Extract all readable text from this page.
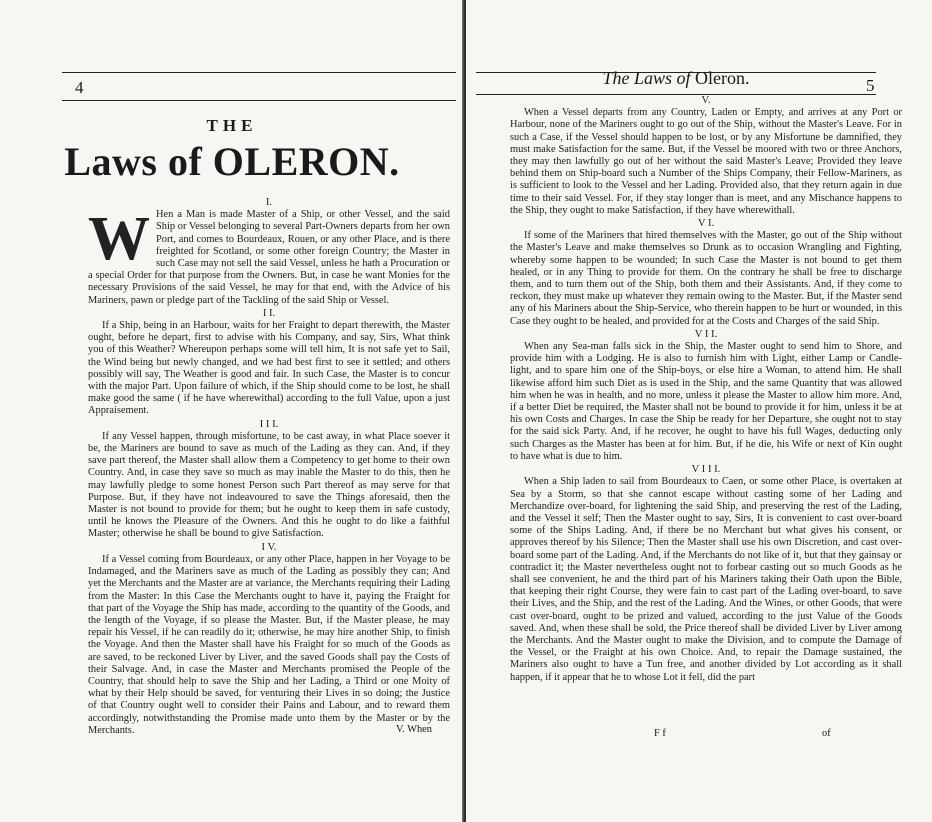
4
THE
Laws of OLERON.
I.
W Hen a Man is made Master of a Ship, or other Vessel, and the said Ship or Vessel belonging to several Part-Owners departs from her own Port, and comes to Bourdeaux, Rouen, or any other Place, and is there freighted for Scotland, or some other foreign Country; the Master in such Case may not sell the said Vessel, unless he hath a Procuration or a special Order for that purpose from the Owners. But, in case he want Monies for the necessary Provisions of the said Vessel, he may for that end, with the Advice of his Mariners, pawn or pledge part of the Tackling of the said Ship or Vessel.

I I.

If a Ship, being in an Harbour, waits for her Fraight to depart therewith, the Master ought, before he depart, first to advise with his Company, and say, Sirs, What think you of this Weather? Whereupon perhaps some will tell him, It is not safe yet to Sail, the Wind being but newly changed, and we had best first to see it settled; and others possibly will say, The Weather is good and fair. In such Case, the Master is to concur with the major Part. Upon failure of which, if the Ship should come to be lost, he shall make good the same ( if he have wherewithal) according to the full Value, upon a just Appraisement.

I I I.

If any Vessel happen, through misfortune, to be cast away, in what Place soever it be, the Mariners are bound to save as much of the Lading as they can. And, if they save part thereof, the Master shall allow them a Competency to get home to their own Country. And, in case they save so much as may inable the Master to do this, then he may lawfully pledge to some honest Person such Part thereof as may serve for that Purpose. But, if they have not indeavoured to save the Things aforesaid, then the Master is not bound to provide for them; but he ought to keep them in safe custody, until he knows the Pleasure of the Owners. And this he ought to do like a faithful Master; otherwise he shall be bound to give Satisfaction.

I V.

If a Vessel coming from Bourdeaux, or any other Place, happen in her Voyage to be Indamaged, and the Mariners save as much of the Lading as possibly they can; And yet the Merchants and the Master are at variance, the Merchants requiring their Lading from the Master: In this Case the Merchants ought to have it, paying the Fraight for that part of the Voyage the Ship has made, according to the quantity of the Goods, and the length of the Voyage, if so please the Master. But, if the Master please, he may repair his Vessel, if he can readily do it; otherwise, he may hire another Ship, to finish the Voyage. And then the Master shall have his Fraight for so much of the Goods as are saved, to be reckoned Liver by Liver, and the saved Goods shall pay the Costs of their Salvage. And, in case the Master and Merchants promised the People of the Country, that should help to save the Ship and her Lading, a Third or one Moity of what by their Help should be saved, for venturing their Lives in so doing; the Justice of that Country ought well to consider their Pains and Labour, and to reward them accordingly, notwithstanding the Promise made unto them by the Master or by the Merchants.	V. When
The Laws of Oleron.	5
V.

When a Vessel departs from any Country, Laden or Empty, and arrives at any Port or Harbour, none of the Mariners ought to go out of the Ship, without the Master's Leave. For in such a Case, if the Vessel should happen to be lost, or by any Misfortune be damnified, they must make Satisfaction for the same. But, if the Vessel be moored with two or three Anchors, they may then lawfully go out of her without the said Master's Leave; Provided they leave behind them on Ship-board such a Number of the Ships Company, their Fellow-Mariners, as is sufficient to look to the Vessel and her Lading. Provided also, that they return again in due time to their said Vessel. For, if they stay longer than is meet, and any Mischance happens to the Ship, they ought to make Satisfaction, if they have wherewithall.

V I.

If some of the Mariners that hired themselves with the Master, go out of the Ship without the Master's Leave and make themselves so Drunk as to occasion Wrangling and Fighting, whereby some happen to be wounded; In such Case the Master is not bound to get them healed, or in any Thing to provide for them. On the contrary he shall be free to discharge them, and to turn them out of the Ship, both them and their Assistants. And, if they come to reckon, they must make up whatever they remain owing to the Master. But, if the Master send any of his Mariners about the Ship-Service, who therein happen to be hurt or wounded, in this Case they ought to be healed, and provided for at the Costs and Charges of the said Ship.

V I I.

When any Sea-man falls sick in the Ship, the Master ought to send him to Shore, and provide him with a Lodging. He is also to furnish him with Light, either Lamp or Candle-light, and to spare him one of the Ship-boys, or else hire a Woman, to attend him. He shall likewise afford him such Diet as is used in the Ship, and the same Quantity that was allowed him when he was in health, and no more, unless it please the Master to allow him more. And, if a better Diet be required, the Master shall not be bound to provide it for him, unless it be at his own Costs and Charges. In case the Ship be ready for her Departure, she ought not to stay for the said sick Party. And, if he recover, he ought to have his full Wages, deducting only such Charges as the Master has been at for him. But, if he die, his Wife or next of Kin ought to have what is due to him.

V I I I.

When a Ship laden to sail from Bourdeaux to Caen, or some other Place, is overtaken at Sea by a Storm, so that she cannot escape without casting some of her Lading and Merchandize over-board, for lightening the said Ship, and preserving the rest of the Lading, and the Vessel it self; Then the Master ought to say, Sirs, It is convenient to cast over-board some of the Ships Lading. And, if there be no Merchant but what gives his consent, or approves thereof by his Silence; Then the Master shall use his own Discretion, and cast over-board some part of the Lading. And, if the Merchants do not like of it, but that they gainsay or contradict it; the Master nevertheless ought not to forbear casting out so much Goods as he shall see convenient, he and the third part of his Mariners taking their Oath upon the Bible, that keeping their right Course, they were fain to cast part of the Lading over-board, to save their Lives, and the Ship, and the rest of the Lading. And the Wines, or other Goods, that were cast over-board, ought to be prized and valued, according to the just Value of the Goods saved. And, when these shall be sold, the Price thereof shall be divided Liver by Liver among the Merchants. And the Master ought to make the Division, and to compute the Damage of the Vessel, or the Fraight at his own Choice. And, to repair the Damage sustained, the Mariners also ought to have a Tun free, and another divided by Lot according as it shall happen, if it appear that he to whose Lot it fell, did the part

F f	of
